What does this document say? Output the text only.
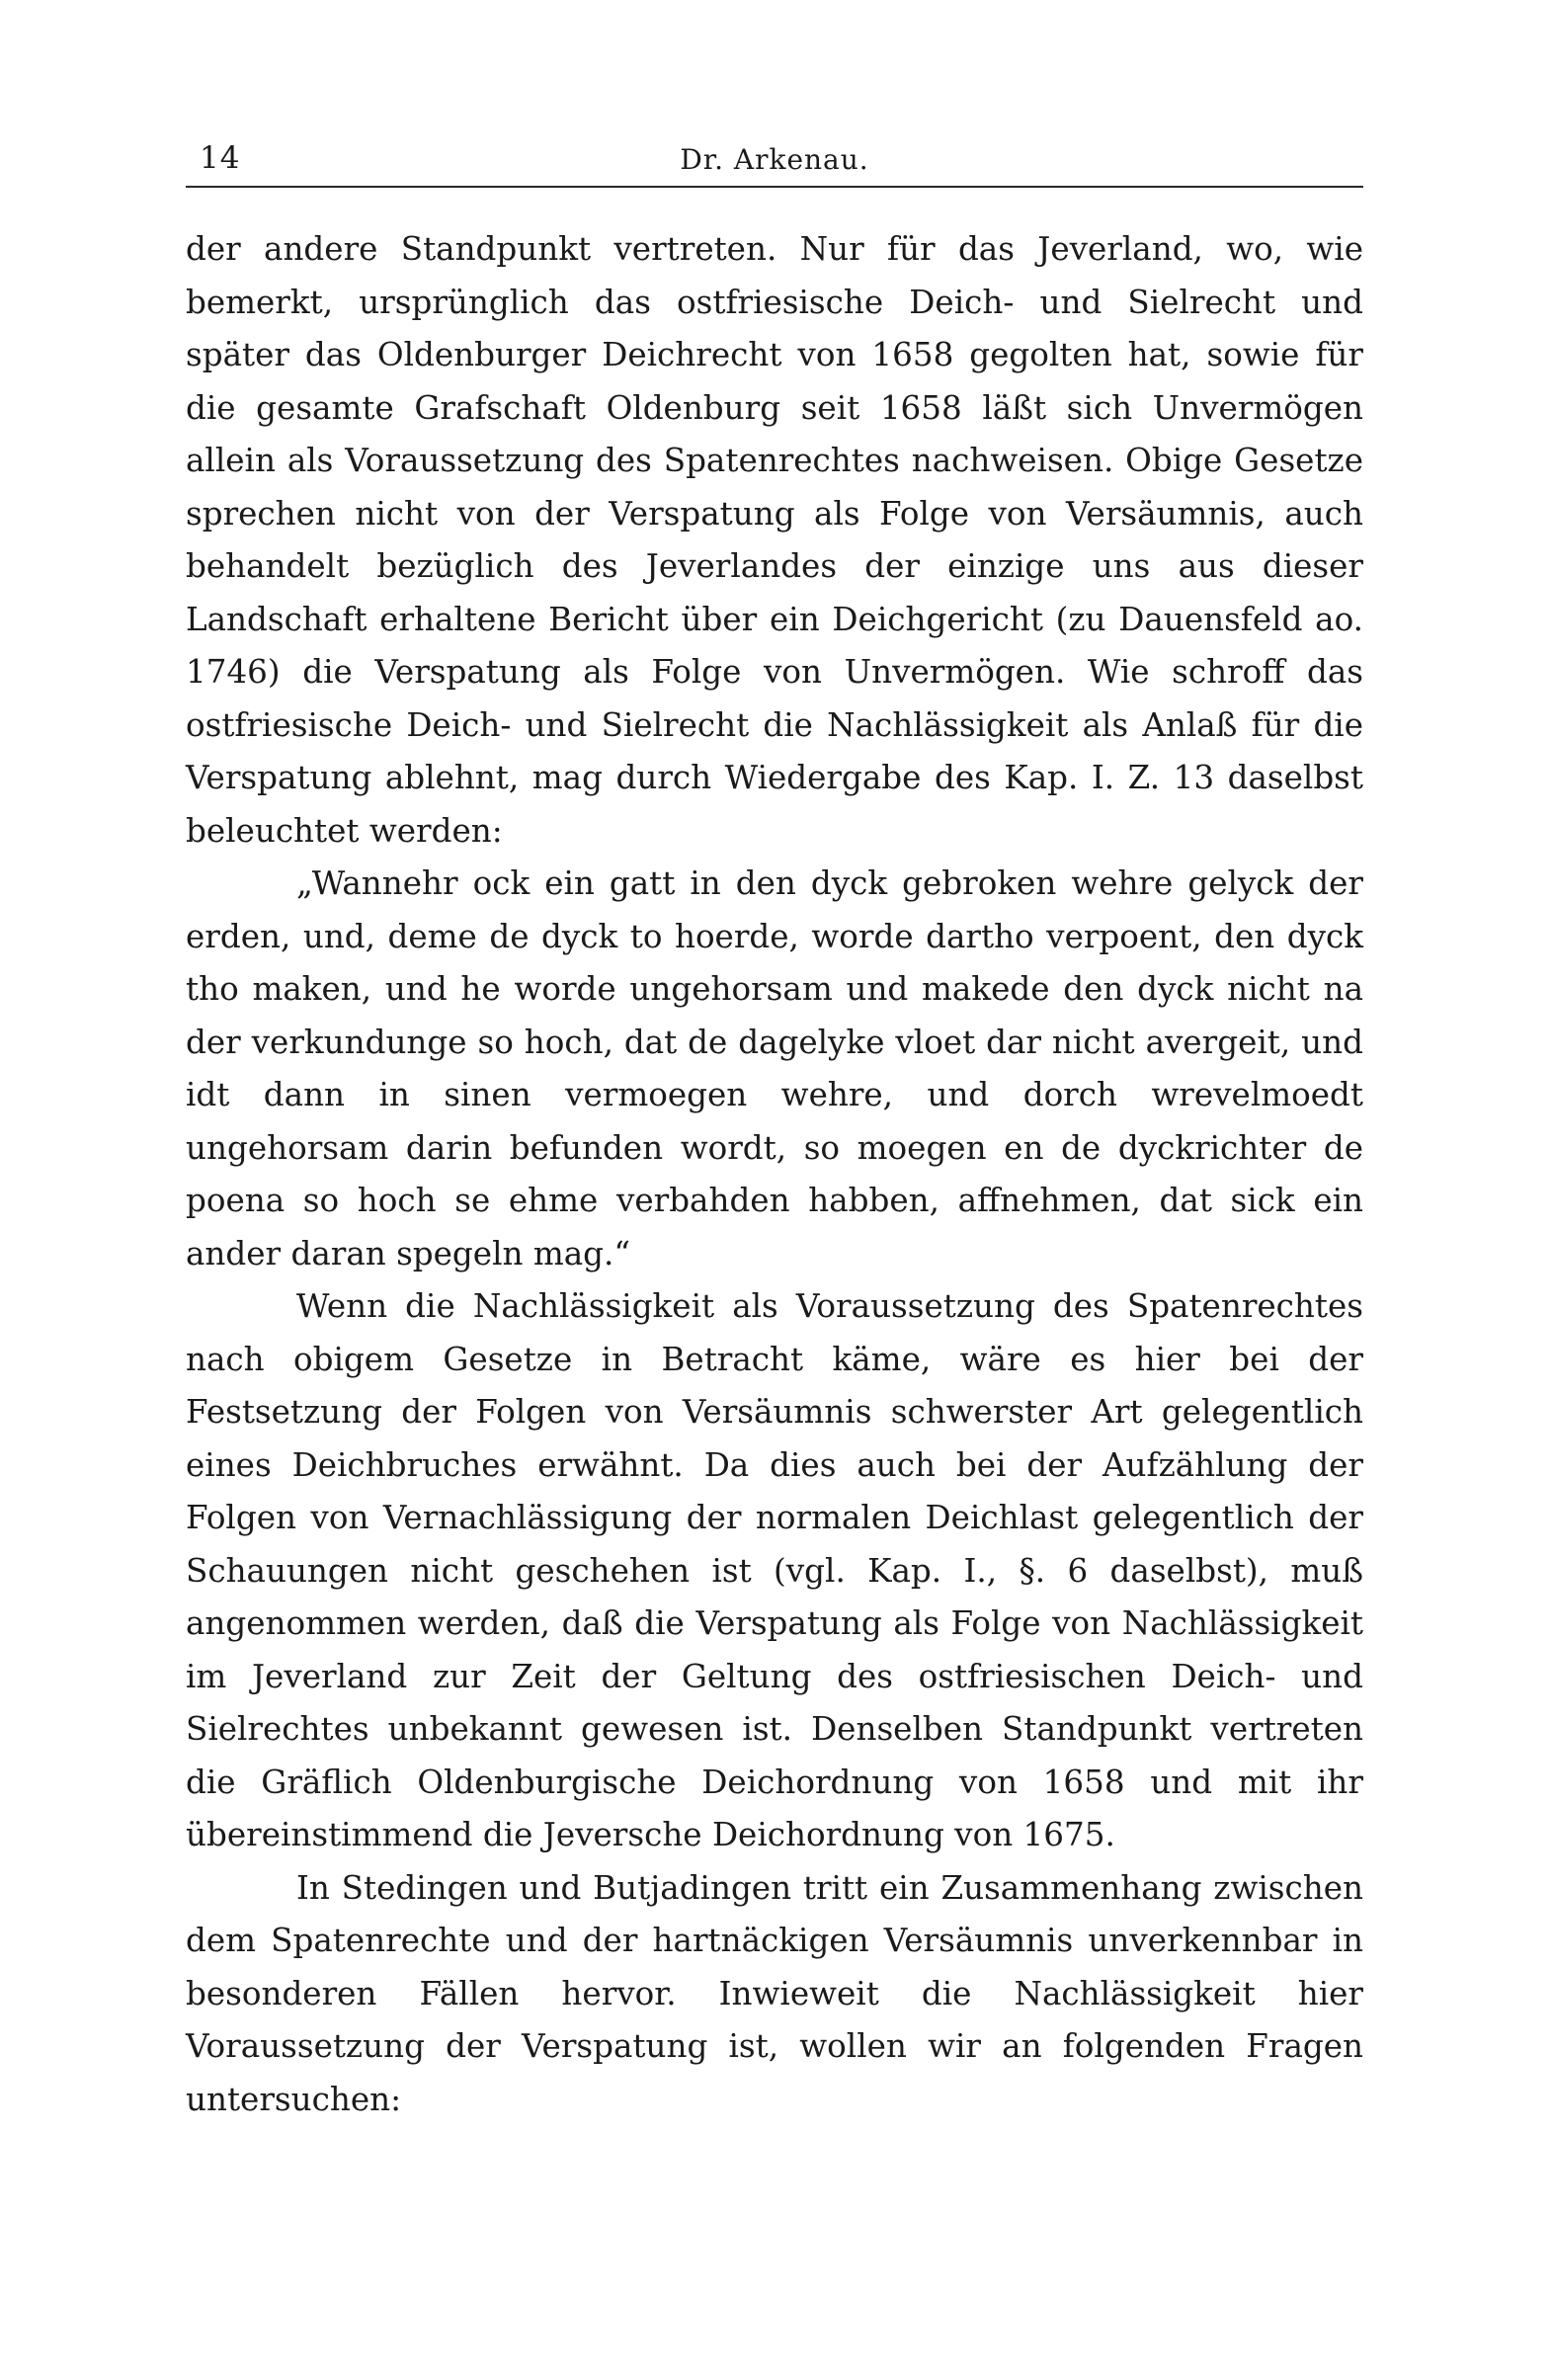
14	Dr. Arkenau.

der andere Standpunkt vertreten. Nur für das Jeverland, wo, wie bemerkt, ursprünglich das ostfriesische Deich- und Sielrecht und später das Oldenburger Deichrecht von 1658 gegolten hat, sowie für die gesamte Grafschaft Oldenburg seit 1658 läßt sich Unvermögen allein als Voraussetzung des Spatenrechtes nachweisen. Obige Gesetze sprechen nicht von der Verspatung als Folge von Versäumnis, auch behandelt bezüglich des Jeverlandes der einzige uns aus dieser Landschaft erhaltene Bericht über ein Deichgericht (zu Dauensfeld ao. 1746) die Verspatung als Folge von Unvermögen. Wie schroff das ostfriesische Deich- und Sielrecht die Nachlässigkeit als Anlaß für die Verspatung ablehnt, mag durch Wiedergabe des Kap. I. Z. 13 daselbst beleuchtet werden:

„Wannehr ock ein gatt in den dyck gebroken wehre gelyck der erden, und, deme de dyck to hoerde, worde dartho verpoent, den dyck tho maken, und he worde ungehorsam und makede den dyck nicht na der verkundunge so hoch, dat de dagelyke vloet dar nicht avergeit, und idt dann in sinen vermoegen wehre, und dorch wrevelmoedt ungehorsam darin befunden wordt, so moegen en de dyckrichter de poena so hoch se ehme verbahden habben, affnehmen, dat sick ein ander daran spegeln mag.“

Wenn die Nachlässigkeit als Voraussetzung des Spatenrechtes nach obigem Gesetze in Betracht käme, wäre es hier bei der Festsetzung der Folgen von Versäumnis schwerster Art gelegentlich eines Deichbruches erwähnt. Da dies auch bei der Aufzählung der Folgen von Vernachlässigung der normalen Deichlast gelegentlich der Schauungen nicht geschehen ist (vgl. Kap. I., §. 6 daselbst), muß angenommen werden, daß die Verspatung als Folge von Nachlässigkeit im Jeverland zur Zeit der Geltung des ostfriesischen Deich- und Sielrechtes unbekannt gewesen ist. Denselben Standpunkt vertreten die Gräflich Oldenburgische Deichordnung von 1658 und mit ihr übereinstimmend die Jeversche Deichordnung von 1675.

In Stedingen und Butjadingen tritt ein Zusammenhang zwischen dem Spatenrechte und der hartnäckigen Versäumnis unverkennbar in besonderen Fällen hervor. Inwieweit die Nachlässigkeit hier Voraussetzung der Verspatung ist, wollen wir an folgenden Fragen untersuchen:
